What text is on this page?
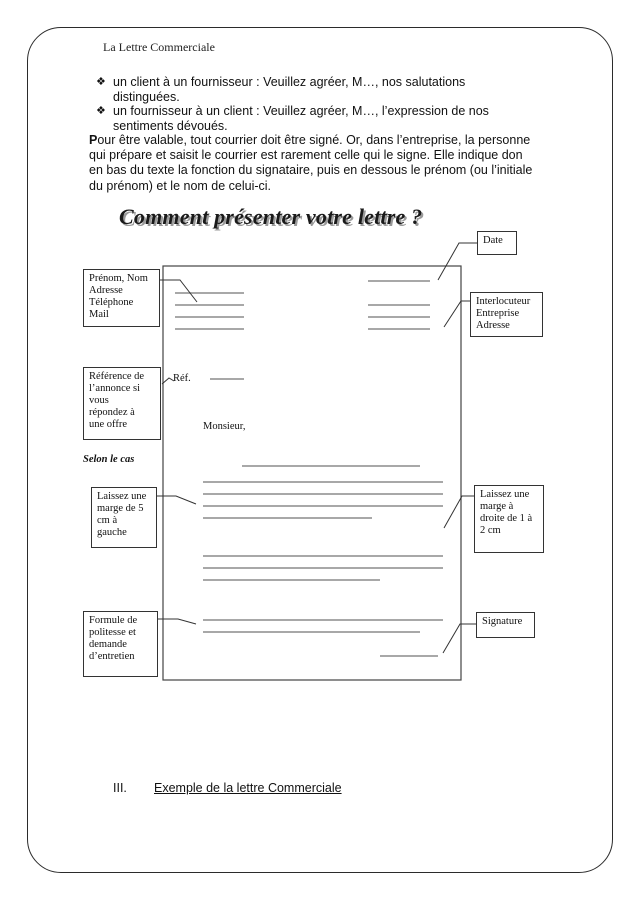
La Lettre Commerciale
❖ un client à un fournisseur : Veuillez agréer, M…, nos salutations
distinguées.
❖ un fournisseur à un client : Veuillez agréer, M…, l’expression de nos
sentiments dévoués.
Pour être valable, tout courrier doit être signé. Or, dans l’entreprise, la personne
qui prépare et saisit le courrier est rarement celle qui le signe. Elle indique don
en bas du texte la fonction du signataire, puis en dessous le prénom (ou l’initiale
du prénom) et le nom de celui-ci.
Comment présenter votre lettre ?
Réf.
Monsieur,
Selon le cas
Prénom, Nom
Adresse
Téléphone
Mail
Référence de
l’annonce si
vous
répondez à
une offre
Laissez une
marge de 5
cm à
gauche
Formule de
politesse et
demande
d’entretien
Date
Interlocuteur
Entreprise
Adresse
Laissez une
marge à
droite de 1 à
2 cm
Signature
III. Exemple de la lettre Commerciale
